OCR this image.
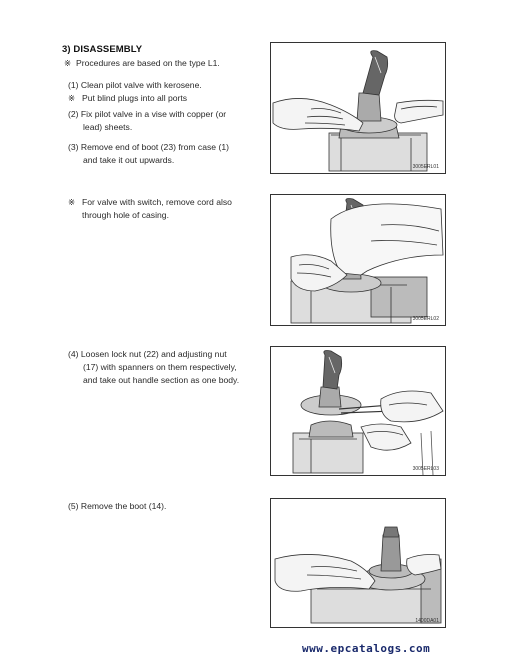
3) DISASSEMBLY
※ Procedures are based on the type L1.
(1) Clean pilot valve with kerosene.
※ Put blind plugs into all ports
(2) Fix pilot valve in a vise with copper (or
lead) sheets.
(3) Remove end of boot (23) from case (1)
and take it out upwards.
※ For valve with switch, remove cord also
through hole of casing.
(4) Loosen lock nut (22) and adjusting nut
(17) with spanners on them respectively,
and take out handle section as one body.
(5) Remove the boot (14).
3005ERL01
3005ERL02
3005ERL03
1400DA01
www.epcatalogs.com
